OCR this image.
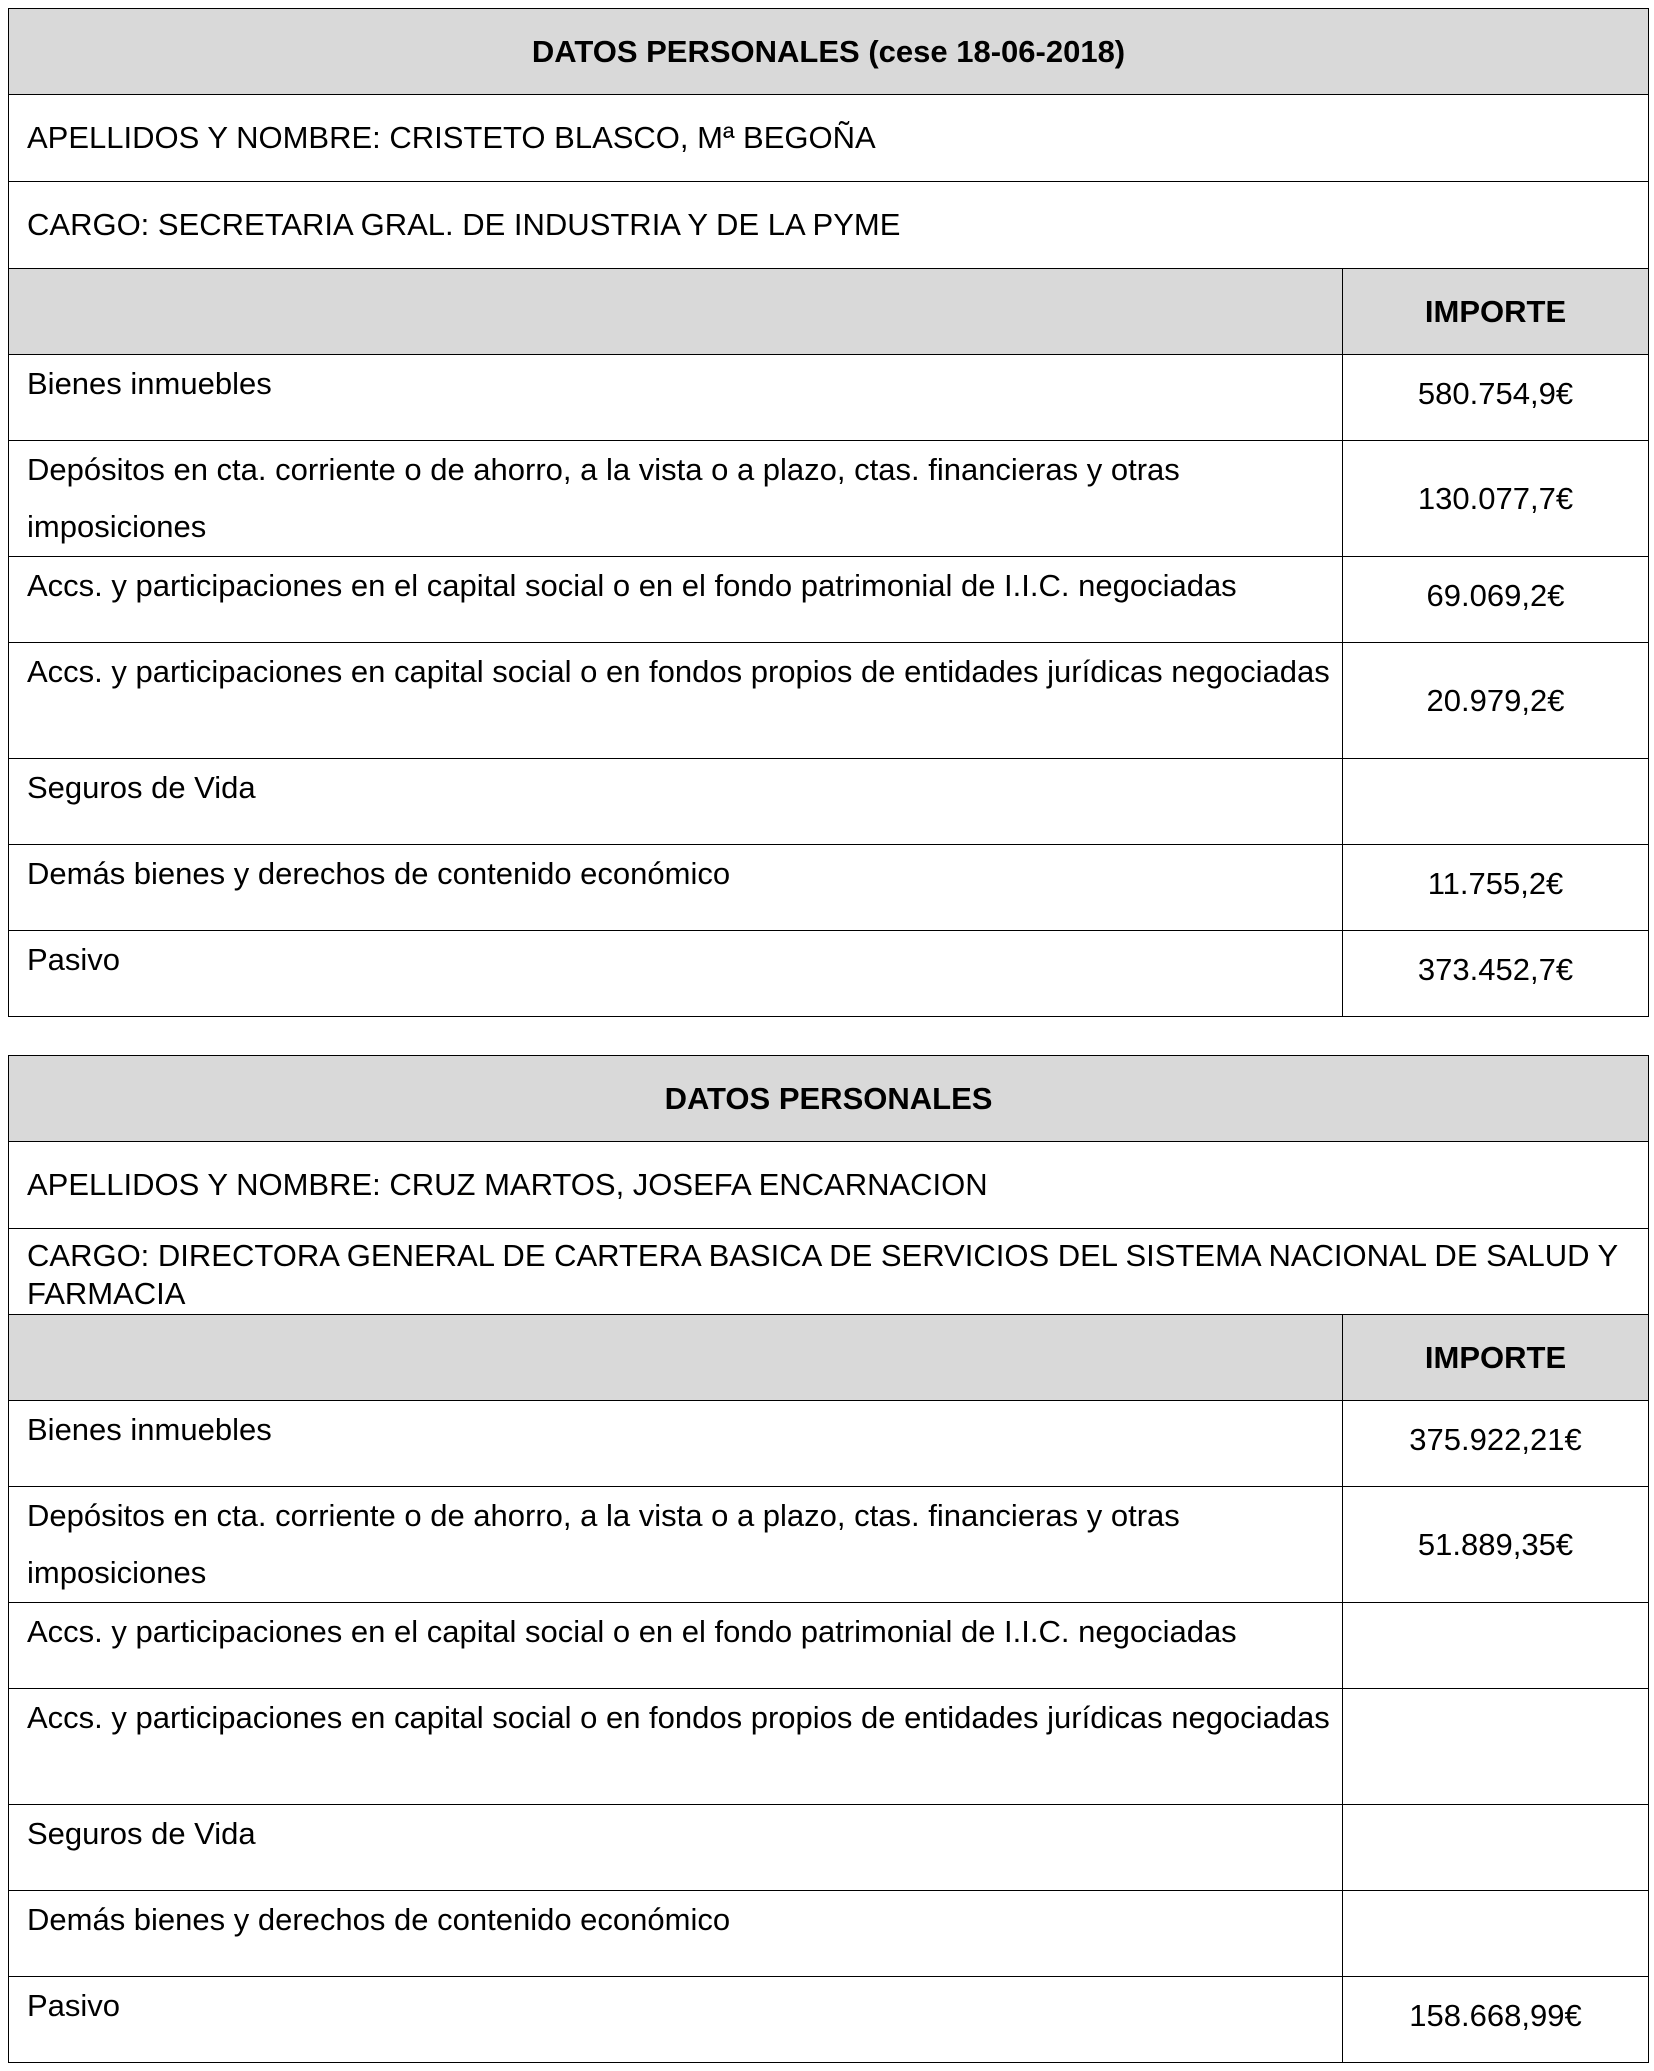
DATOS PERSONALES (cese 18-06-2018)	
APELLIDOS Y NOMBRE: CRISTETO BLASCO, Mª BEGOÑA	
CARGO: SECRETARIA GRAL. DE INDUSTRIA Y DE LA PYME	
	IMPORTE
Bienes inmuebles	580.754,9€
Depósitos en cta. corriente o de ahorro, a la vista o a plazo, ctas. financieras y otras imposiciones	130.077,7€
Accs. y participaciones en el capital social o en el fondo patrimonial de I.I.C. negociadas	69.069,2€
Accs. y participaciones en capital social o en fondos propios de entidades jurídicas negociadas	20.979,2€
Seguros de Vida	
Demás bienes y derechos de contenido económico	11.755,2€
Pasivo	373.452,7€
DATOS PERSONALES	
APELLIDOS Y NOMBRE: CRUZ MARTOS, JOSEFA ENCARNACION	
CARGO: DIRECTORA GENERAL DE CARTERA BASICA DE SERVICIOS DEL SISTEMA NACIONAL DE SALUD Y FARMACIA	
	IMPORTE
Bienes inmuebles	375.922,21€
Depósitos en cta. corriente o de ahorro, a la vista o a plazo, ctas. financieras y otras imposiciones	51.889,35€
Accs. y participaciones en el capital social o en el fondo patrimonial de I.I.C. negociadas	
Accs. y participaciones en capital social o en fondos propios de entidades jurídicas negociadas	
Seguros de Vida	
Demás bienes y derechos de contenido económico	
Pasivo	158.668,99€
